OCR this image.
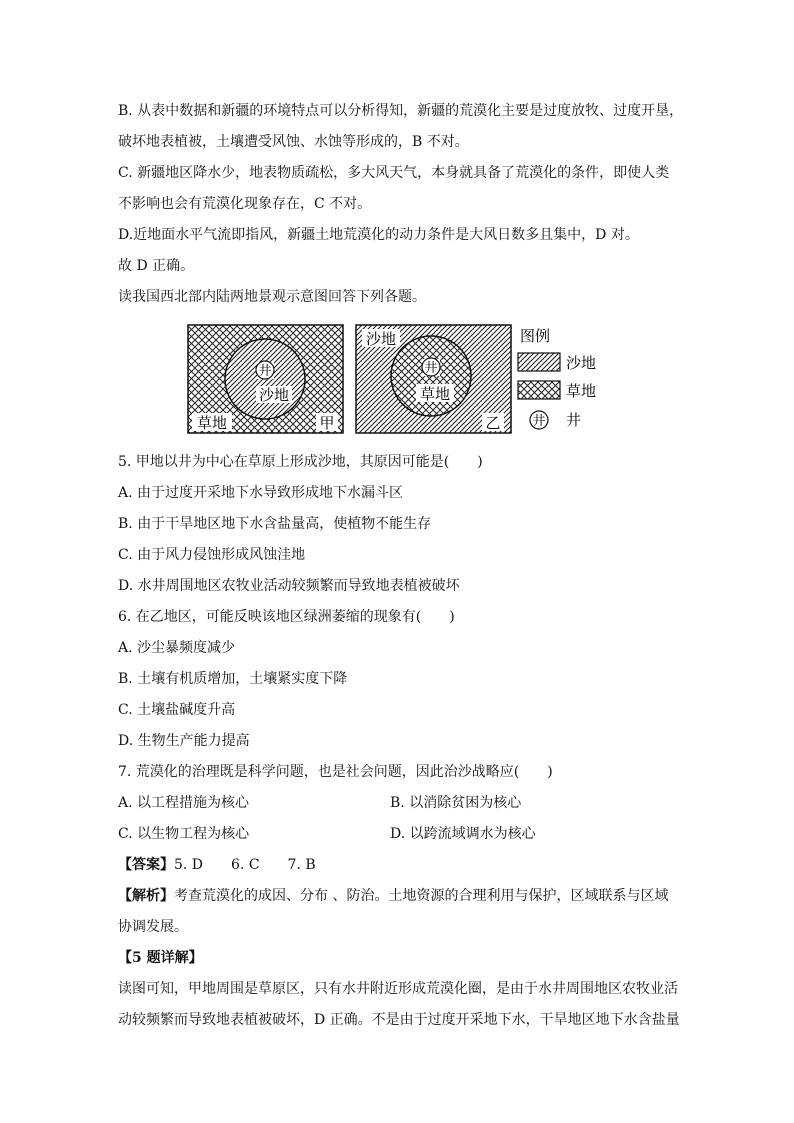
B. 从表中数据和新疆的环境特点可以分析得知，新疆的荒漠化主要是过度放牧、过度开垦，
破坏地表植被，土壤遭受风蚀、水蚀等形成的，B 不对。
C. 新疆地区降水少，地表物质疏松，多大风天气，本身就具备了荒漠化的条件，即使人类
不影响也会有荒漠化现象存在，C 不对。
D.近地面水平气流即指风，新疆土地荒漠化的动力条件是大风日数多且集中，D 对。
故 D 正确。
读我国西北部内陆两地景观示意图回答下列各题。
井
沙地
草地	甲
沙地
井
草地
乙
图例
沙地
草地
井 井
5. 甲地以井为中心在草原上形成沙地，其原因可能是(　　)
A. 由于过度开采地下水导致形成地下水漏斗区
B. 由于干旱地区地下水含盐量高，使植物不能生存
C. 由于风力侵蚀形成风蚀洼地
D. 水井周围地区农牧业活动较频繁而导致地表植被破坏
6. 在乙地区，可能反映该地区绿洲萎缩的现象有(　　)
A. 沙尘暴频度减少
B. 土壤有机质增加，土壤紧实度下降
C. 土壤盐碱度升高
D. 生物生产能力提高
7. 荒漠化的治理既是科学问题，也是社会问题，因此治沙战略应(　　)
A. 以工程措施为核心	B. 以消除贫困为核心
C. 以生物工程为核心	D. 以跨流域调水为核心
【答案】5. D　　6. C　　7. B
【解析】考查荒漠化的成因、分布 、防治。土地资源的合理利用与保护，区域联系与区域
协调发展。
【5 题详解】
读图可知，甲地周围是草原区，只有水井附近形成荒漠化圈，是由于水井周围地区农牧业活
动较频繁而导致地表植被破坏，D 正确。不是由于过度开采地下水，干旱地区地下水含盐量
